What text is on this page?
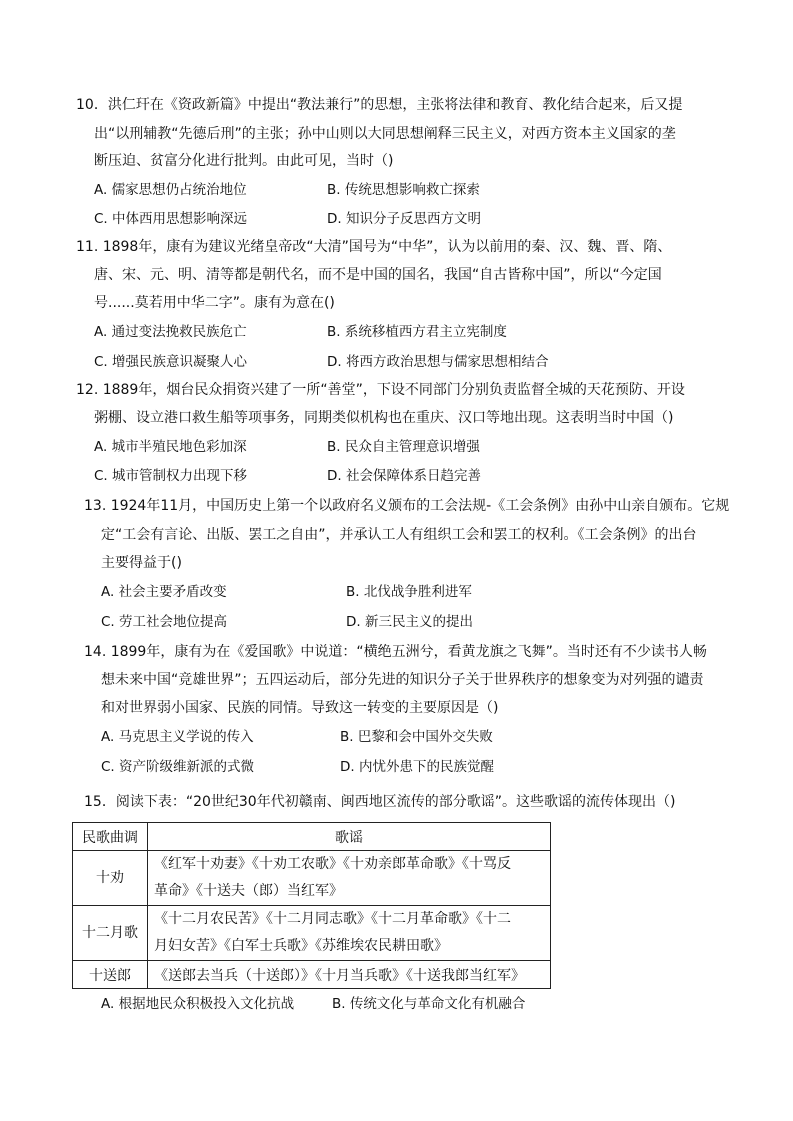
10．洪仁玕在《资政新篇》中提出“教法兼行”的思想，主张将法律和教育、教化结合起来，后又提
出“以刑辅教“先德后刑”的主张；孙中山则以大同思想阐释三民主义，对西方资本主义国家的垄
断压迫、贫富分化进行批判。由此可见，当时（)
A. 儒家思想仍占统治地位	B. 传统思想影响救亡探索
C. 中体西用思想影响深远	D. 知识分子反思西方文明
11. 1898年，康有为建议光绪皇帝改“大清”国号为“中华”，认为以前用的秦、汉、魏、晋、隋、
唐、宋、元、明、清等都是朝代名，而不是中国的国名，我国“自古皆称中国”，所以“今定国
号......莫若用中华二字”。康有为意在()
A. 通过变法挽救民族危亡	B. 系统移植西方君主立宪制度
C. 增强民族意识凝聚人心	D. 将西方政治思想与儒家思想相结合
12. 1889年，烟台民众捐资兴建了一所“善堂”，下设不同部门分别负责监督全城的天花预防、开设
粥棚、设立港口救生船等项事务，同期类似机构也在重庆、汉口等地出现。这表明当时中国（)
A. 城市半殖民地色彩加深	B. 民众自主管理意识增强
C. 城市管制权力出现下移	D. 社会保障体系日趋完善
13. 1924年11月，中国历史上第一个以政府名义颁布的工会法规-《工会条例》由孙中山亲自颁布。它规
定“工会有言论、出版、罢工之自由”，并承认工人有组织工会和罢工的权利。《工会条例》的出台
主要得益于()
A. 社会主要矛盾改变	B. 北伐战争胜利进军
C. 劳工社会地位提高	D. 新三民主义的提出
14. 1899年，康有为在《爱国歌》中说道：“横绝五洲兮，看黄龙旗之飞舞”。当时还有不少读书人畅
想未来中国“竞雄世界”；五四运动后，部分先进的知识分子关于世界秩序的想象变为对列强的谴责
和对世界弱小国家、民族的同情。导致这一转变的主要原因是（)
A. 马克思主义学说的传入	B. 巴黎和会中国外交失败
C. 资产阶级维新派的式微	D. 内忧外患下的民族觉醒
15．阅读下表：“20世纪30年代初赣南、闽西地区流传的部分歌谣”。这些歌谣的流传体现出（)
民歌曲调	歌谣
十劝	《红军十劝妻》《十劝工农歌》《十劝亲郎革命歌》《十骂反
革命》《十送夫（郎）当红军》

十二月歌	《十二月农民苦》《十二月同志歌》《十二月革命歌》《十二
月妇女苦》《白军士兵歌》《苏维埃农民耕田歌》

十送郎	《送郎去当兵（十送郎）》《十月当兵歌》《十送我郎当红军》
A. 根据地民众积极投入文化抗战	B. 传统文化与革命文化有机融合
